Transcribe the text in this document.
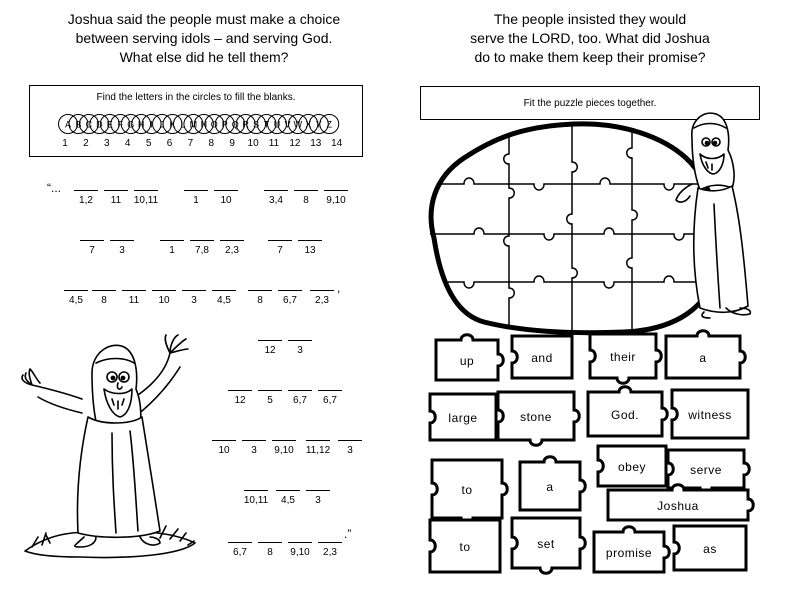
Joshua said the people must make a choice
between serving idols – and serving God.
What else did he tell them?
Find the letters in the circles to fill the blanks.
A B C D E F G H I J K L M N O P Q R S T U V W X Y Z
1 2 3 4 5 6 7 8 9 10 11 12 13 14
“...
,
.”
1,2	11	10,11	1	10	3,4	8	9,10
7	3	1	7,8	2,3	7	13
4,5	8	11	10	3	4,5	8	6,7	2,3
12	3
12	5	6,7	6,7
10	3	9,10	11,12	3
10,11	4,5	3
6,7	8	9,10	2,3
The people insisted they would
serve the LORD, too. What did Joshua
do to make them keep their promise?
Fit the puzzle pieces together.
up	and	their	a
large	stone	God.	witness
to	a
obey	serve
Joshua
to	set
promise	as
